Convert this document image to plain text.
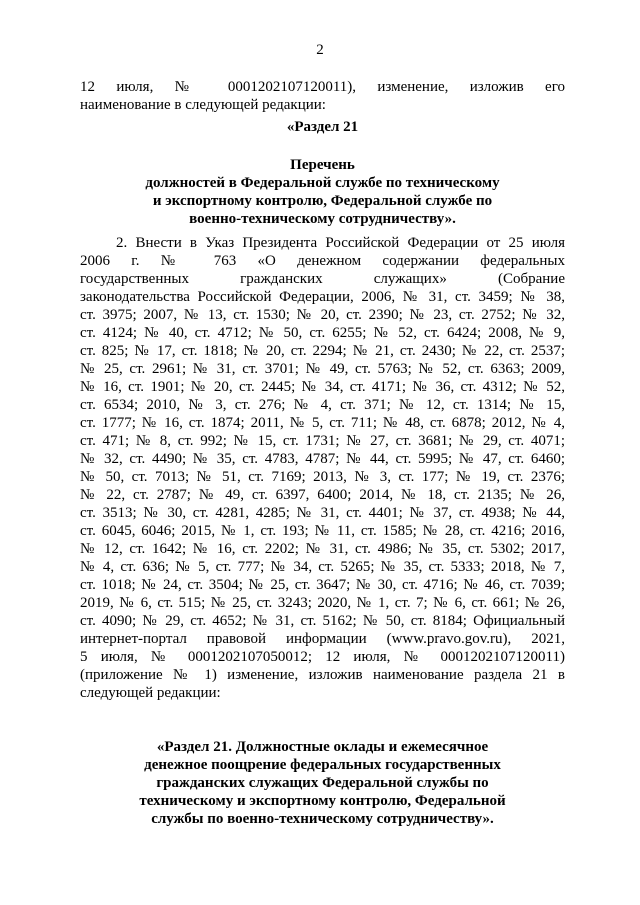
2
12 июля, № 0001202107120011), изменение, изложив его
наименование в следующей редакции:
«Раздел 21
Перечень
должностей в Федеральной службе по техническому
и экспортному контролю, Федеральной службе по
военно-техническому сотрудничеству».
2. Внести в Указ Президента Российской Федерации от 25 июля
2006 г. № 763 «О денежном содержании федеральных
государственных гражданских служащих» (Собрание
законодательства Российской Федерации, 2006, № 31, ст. 3459; № 38,
ст. 3975; 2007, № 13, ст. 1530; № 20, ст. 2390; № 23, ст. 2752; № 32,
ст. 4124; № 40, ст. 4712; № 50, ст. 6255; № 52, ст. 6424; 2008, № 9,
ст. 825; № 17, ст. 1818; № 20, ст. 2294; № 21, ст. 2430; № 22, ст. 2537;
№ 25, ст. 2961; № 31, ст. 3701; № 49, ст. 5763; № 52, ст. 6363; 2009,
№ 16, ст. 1901; № 20, ст. 2445; № 34, ст. 4171; № 36, ст. 4312; № 52,
ст. 6534; 2010, № 3, ст. 276; № 4, ст. 371; № 12, ст. 1314; № 15,
ст. 1777; № 16, ст. 1874; 2011, № 5, ст. 711; № 48, ст. 6878; 2012, № 4,
ст. 471; № 8, ст. 992; № 15, ст. 1731; № 27, ст. 3681; № 29, ст. 4071;
№ 32, ст. 4490; № 35, ст. 4783, 4787; № 44, ст. 5995; № 47, ст. 6460;
№ 50, ст. 7013; № 51, ст. 7169; 2013, № 3, ст. 177; № 19, ст. 2376;
№ 22, ст. 2787; № 49, ст. 6397, 6400; 2014, № 18, ст. 2135; № 26,
ст. 3513; № 30, ст. 4281, 4285; № 31, ст. 4401; № 37, ст. 4938; № 44,
ст. 6045, 6046; 2015, № 1, ст. 193; № 11, ст. 1585; № 28, ст. 4216; 2016,
№ 12, ст. 1642; № 16, ст. 2202; № 31, ст. 4986; № 35, ст. 5302; 2017,
№ 4, ст. 636; № 5, ст. 777; № 34, ст. 5265; № 35, ст. 5333; 2018, № 7,
ст. 1018; № 24, ст. 3504; № 25, ст. 3647; № 30, ст. 4716; № 46, ст. 7039;
2019, № 6, ст. 515; № 25, ст. 3243; 2020, № 1, ст. 7; № 6, ст. 661; № 26,
ст. 4090; № 29, ст. 4652; № 31, ст. 5162; № 50, ст. 8184; Официальный
интернет-портал правовой информации (www.pravo.gov.ru), 2021,
5 июля, № 0001202107050012; 12 июля, № 0001202107120011)
(приложение № 1) изменение, изложив наименование раздела 21 в
следующей редакции:
«Раздел 21. Должностные оклады и ежемесячное
денежное поощрение федеральных государственных
гражданских служащих Федеральной службы по
техническому и экспортному контролю, Федеральной
службы по военно-техническому сотрудничеству».
